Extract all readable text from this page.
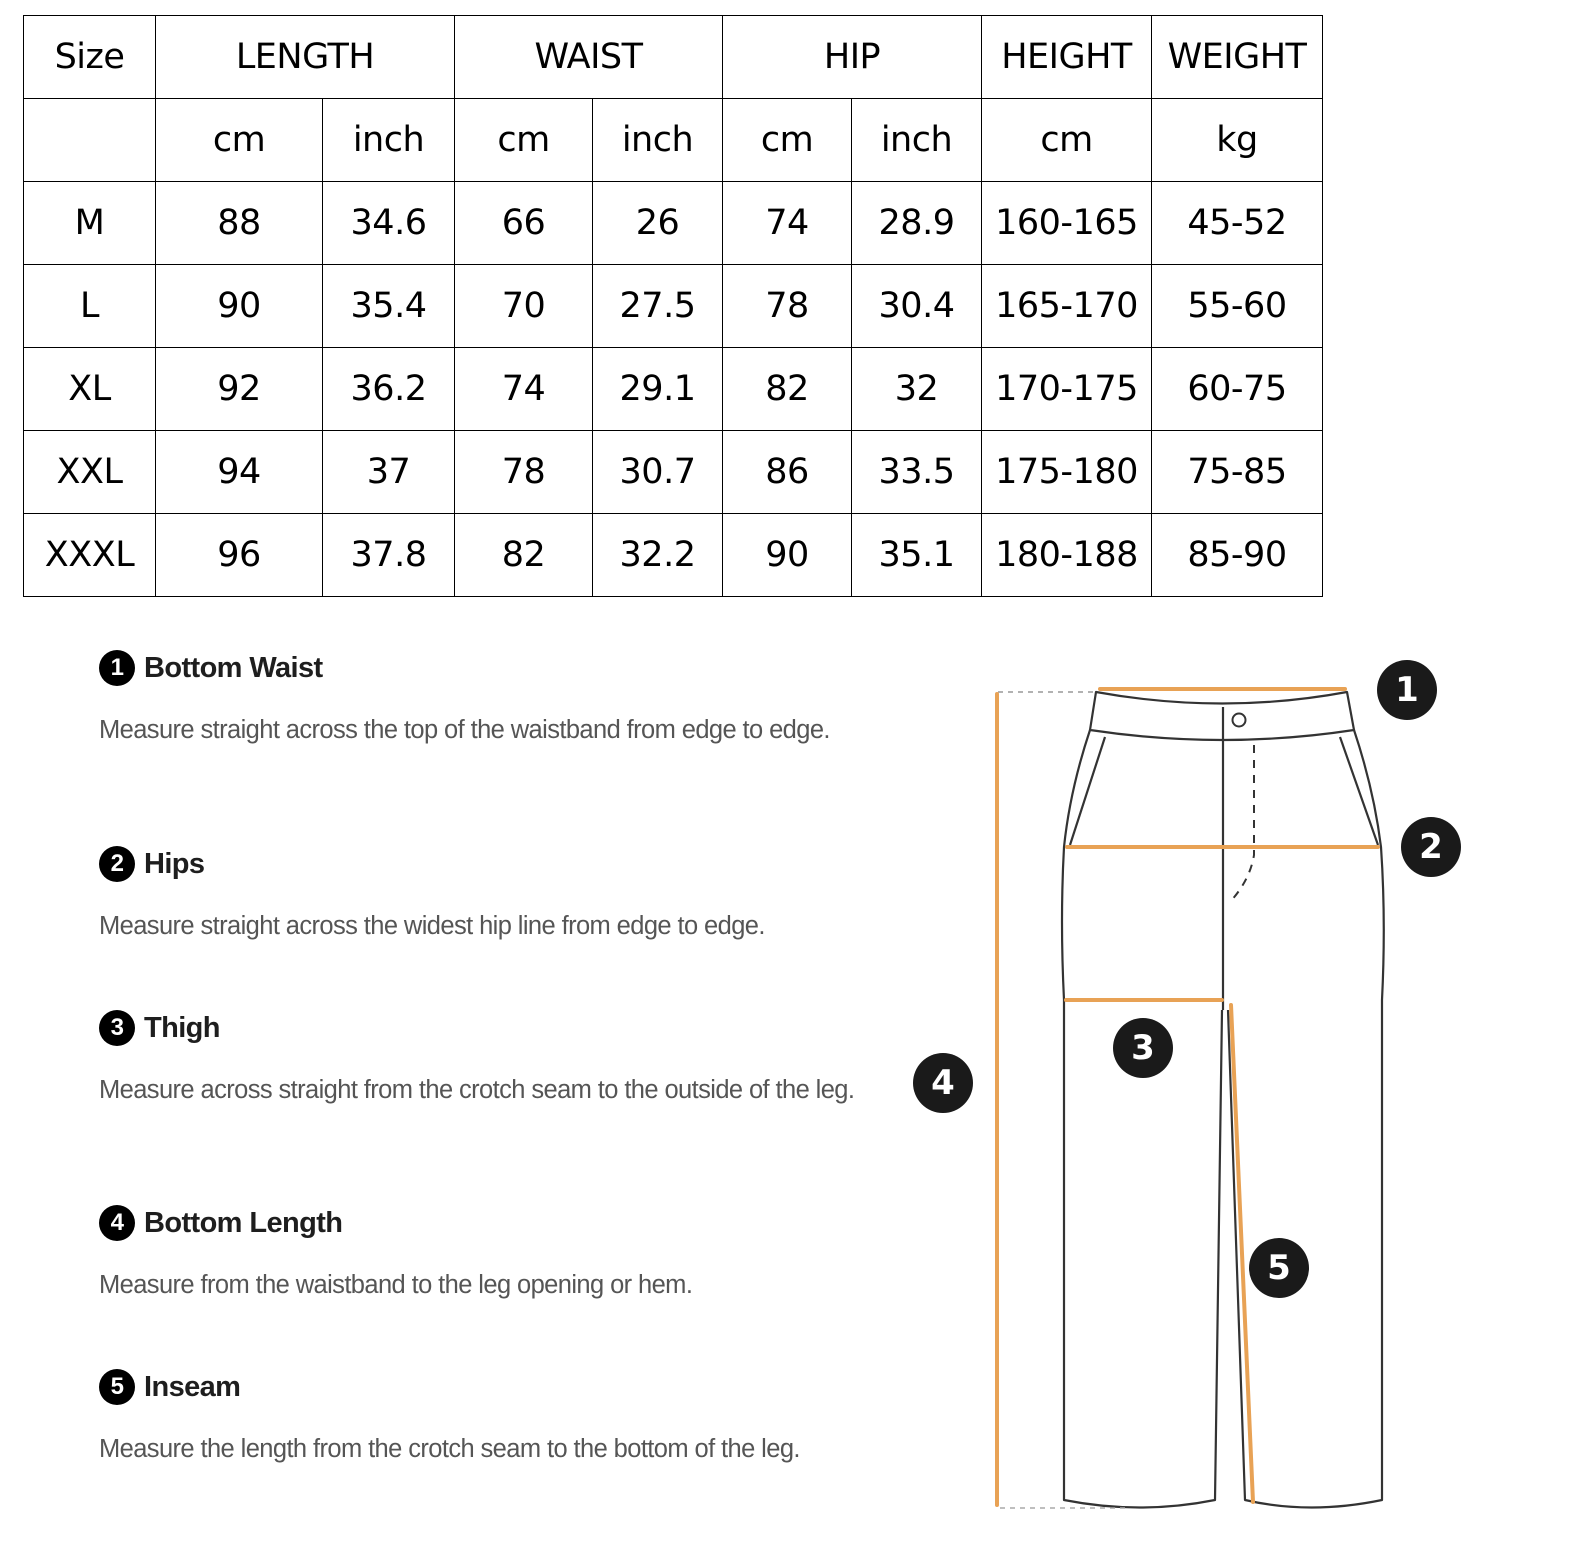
Size	LENGTH		WAIST		HIP		HEIGHT	WEIGHT
	cm	inch	cm	inch	cm	inch	cm	kg
M	88	34.6	66	26	74	28.9	160-165	45-52
L	90	35.4	70	27.5	78	30.4	165-170	55-60
XL	92	36.2	74	29.1	82	32	170-175	60-75
XXL	94	37	78	30.7	86	33.5	175-180	75-85
XXXL	96	37.8	82	32.2	90	35.1	180-188	85-90
1 Bottom Waist
Measure straight across the top of the waistband from edge to edge.
2 Hips
Measure straight across the widest hip line from edge to edge.
3 Thigh
Measure across straight from the crotch seam to the outside of the leg.
4 Bottom Length
Measure from the waistband to the leg opening or hem.
5 Inseam
Measure the length from the crotch seam to the bottom of the leg.
1
2
3
4
5
